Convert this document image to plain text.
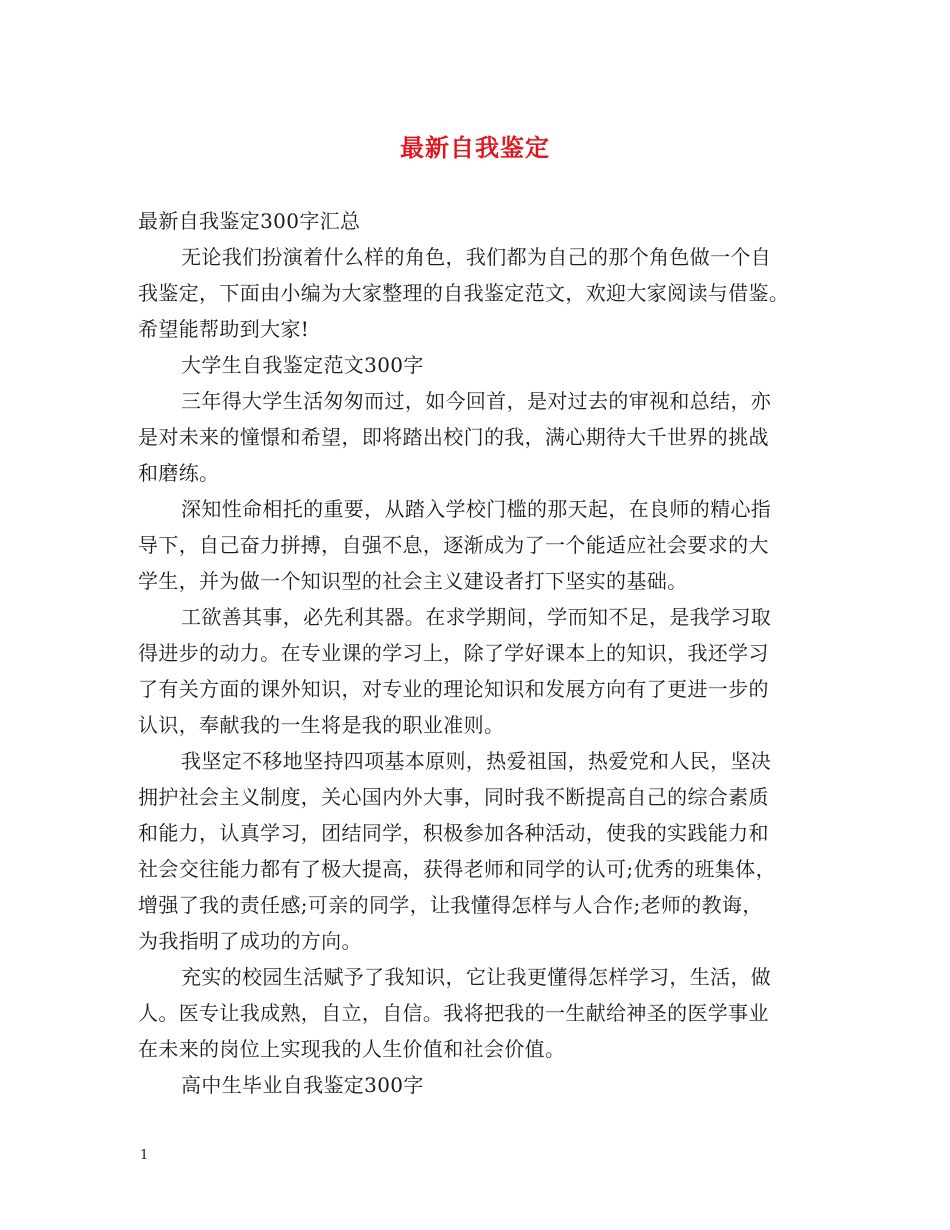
最新自我鉴定
最新自我鉴定300字汇总
无论我们扮演着什么样的角色，我们都为自己的那个角色做一个自
我鉴定，下面由小编为大家整理的自我鉴定范文，欢迎大家阅读与借鉴。
希望能帮助到大家!
大学生自我鉴定范文300字
三年得大学生活匆匆而过，如今回首，是对过去的审视和总结，亦
是对未来的憧憬和希望，即将踏出校门的我，满心期待大千世界的挑战
和磨练。
深知性命相托的重要，从踏入学校门槛的那天起，在良师的精心指
导下，自己奋力拼搏，自强不息，逐渐成为了一个能适应社会要求的大
学生，并为做一个知识型的社会主义建设者打下坚实的基础。
工欲善其事，必先利其器。在求学期间，学而知不足，是我学习取
得进步的动力。在专业课的学习上，除了学好课本上的知识，我还学习
了有关方面的课外知识，对专业的理论知识和发展方向有了更进一步的
认识，奉献我的一生将是我的职业准则。
我坚定不移地坚持四项基本原则，热爱祖国，热爱党和人民，坚决
拥护社会主义制度，关心国内外大事，同时我不断提高自己的综合素质
和能力，认真学习，团结同学，积极参加各种活动，使我的实践能力和
社会交往能力都有了极大提高，获得老师和同学的认可;优秀的班集体，
增强了我的责任感;可亲的同学，让我懂得怎样与人合作;老师的教诲，
为我指明了成功的方向。
充实的校园生活赋予了我知识，它让我更懂得怎样学习，生活，做
人。医专让我成熟，自立，自信。我将把我的一生献给神圣的医学事业
在未来的岗位上实现我的人生价值和社会价值。
高中生毕业自我鉴定300字
1
